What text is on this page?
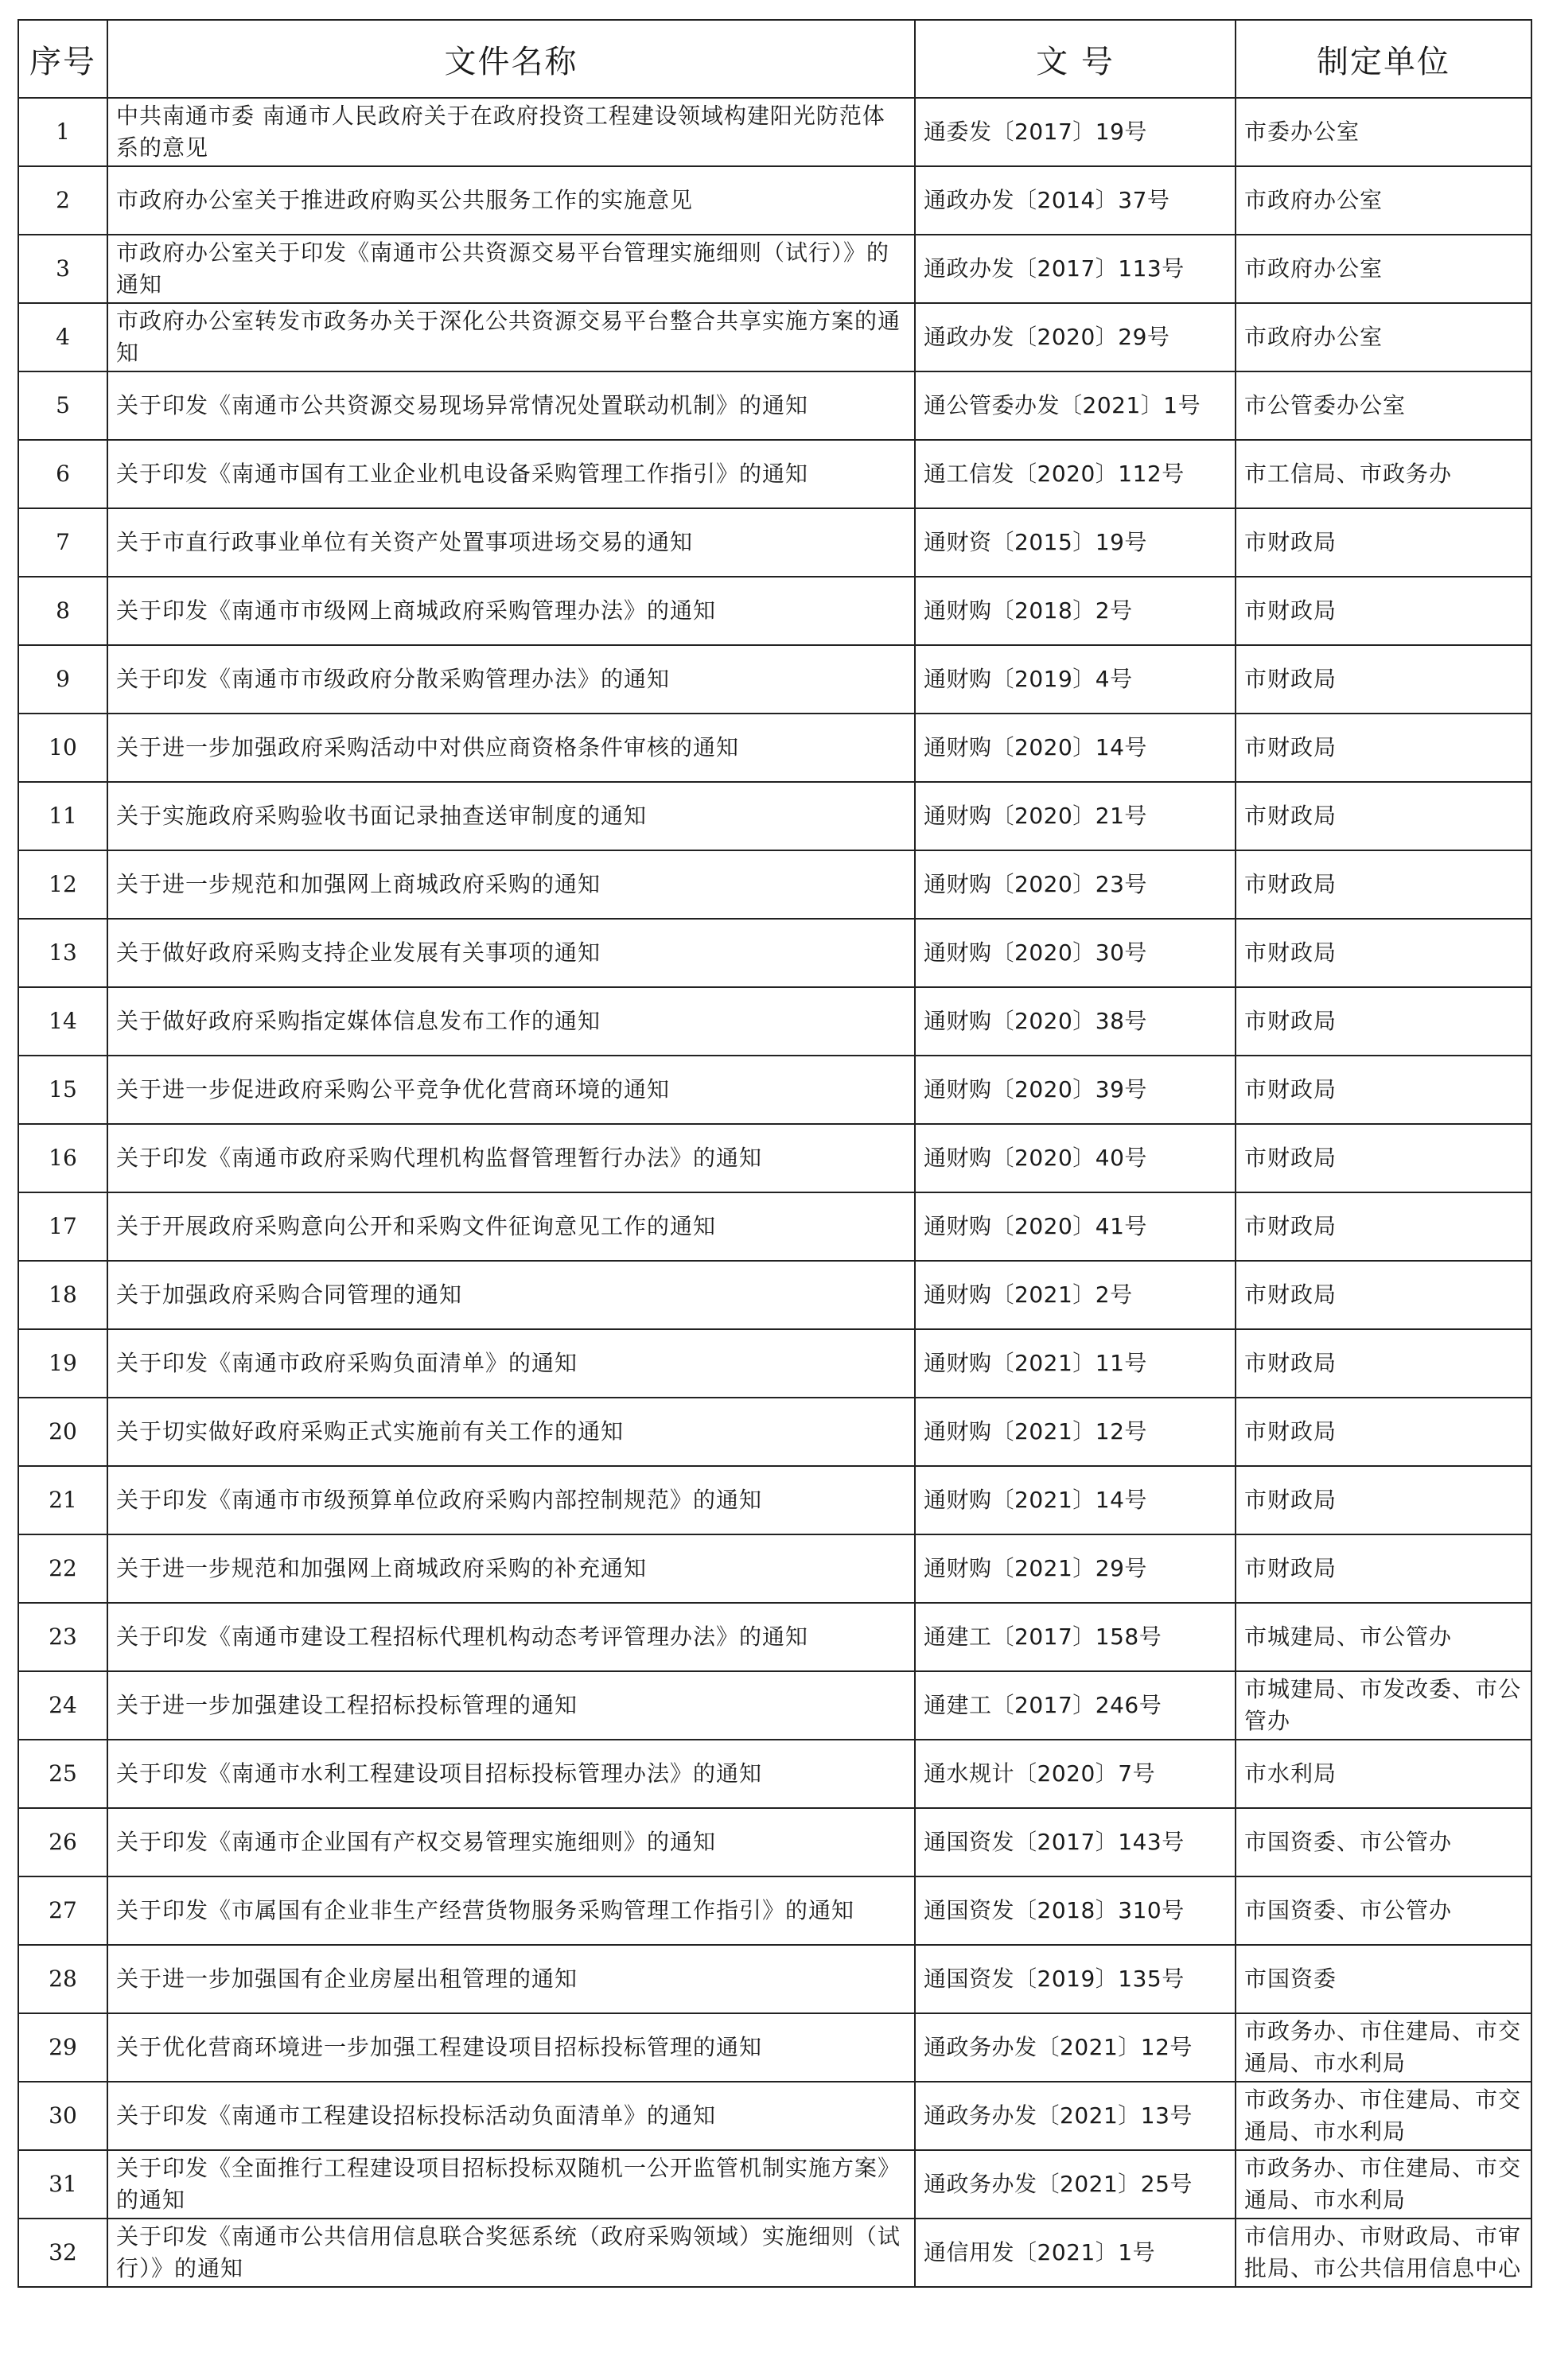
序号	文件名称	文 号	制定单位
1	中共南通市委 南通市人民政府关于在政府投资工程建设领域构建阳光防范体系的意见	通委发〔2017〕19号	市委办公室
2	市政府办公室关于推进政府购买公共服务工作的实施意见	通政办发〔2014〕37号	市政府办公室
3	市政府办公室关于印发《南通市公共资源交易平台管理实施细则（试行）》的通知	通政办发〔2017〕113号	市政府办公室
4	市政府办公室转发市政务办关于深化公共资源交易平台整合共享实施方案的通知	通政办发〔2020〕29号	市政府办公室
5	关于印发《南通市公共资源交易现场异常情况处置联动机制》的通知	通公管委办发〔2021〕1号	市公管委办公室
6	关于印发《南通市国有工业企业机电设备采购管理工作指引》的通知	通工信发〔2020〕112号	市工信局、市政务办
7	关于市直行政事业单位有关资产处置事项进场交易的通知	通财资〔2015〕19号	市财政局
8	关于印发《南通市市级网上商城政府采购管理办法》的通知	通财购〔2018〕2号	市财政局
9	关于印发《南通市市级政府分散采购管理办法》的通知	通财购〔2019〕4号	市财政局
10	关于进一步加强政府采购活动中对供应商资格条件审核的通知	通财购〔2020〕14号	市财政局
11	关于实施政府采购验收书面记录抽查送审制度的通知	通财购〔2020〕21号	市财政局
12	关于进一步规范和加强网上商城政府采购的通知	通财购〔2020〕23号	市财政局
13	关于做好政府采购支持企业发展有关事项的通知	通财购〔2020〕30号	市财政局
14	关于做好政府采购指定媒体信息发布工作的通知	通财购〔2020〕38号	市财政局
15	关于进一步促进政府采购公平竞争优化营商环境的通知	通财购〔2020〕39号	市财政局
16	关于印发《南通市政府采购代理机构监督管理暂行办法》的通知	通财购〔2020〕40号	市财政局
17	关于开展政府采购意向公开和采购文件征询意见工作的通知	通财购〔2020〕41号	市财政局
18	关于加强政府采购合同管理的通知	通财购〔2021〕2号	市财政局
19	关于印发《南通市政府采购负面清单》的通知	通财购〔2021〕11号	市财政局
20	关于切实做好政府采购正式实施前有关工作的通知	通财购〔2021〕12号	市财政局
21	关于印发《南通市市级预算单位政府采购内部控制规范》的通知	通财购〔2021〕14号	市财政局
22	关于进一步规范和加强网上商城政府采购的补充通知	通财购〔2021〕29号	市财政局
23	关于印发《南通市建设工程招标代理机构动态考评管理办法》的通知	通建工〔2017〕158号	市城建局、市公管办
24	关于进一步加强建设工程招标投标管理的通知	通建工〔2017〕246号	市城建局、市发改委、市公管办
25	关于印发《南通市水利工程建设项目招标投标管理办法》的通知	通水规计〔2020〕7号	市水利局
26	关于印发《南通市企业国有产权交易管理实施细则》的通知	通国资发〔2017〕143号	市国资委、市公管办
27	关于印发《市属国有企业非生产经营货物服务采购管理工作指引》的通知	通国资发〔2018〕310号	市国资委、市公管办
28	关于进一步加强国有企业房屋出租管理的通知	通国资发〔2019〕135号	市国资委
29	关于优化营商环境进一步加强工程建设项目招标投标管理的通知	通政务办发〔2021〕12号	市政务办、市住建局、市交通局、市水利局
30	关于印发《南通市工程建设招标投标活动负面清单》的通知	通政务办发〔2021〕13号	市政务办、市住建局、市交通局、市水利局
31	关于印发《全面推行工程建设项目招标投标双随机一公开监管机制实施方案》的通知	通政务办发〔2021〕25号	市政务办、市住建局、市交通局、市水利局
32	关于印发《南通市公共信用信息联合奖惩系统（政府采购领域）实施细则（试行）》的通知	通信用发〔2021〕1号	市信用办、市财政局、市审批局、市公共信用信息中心
